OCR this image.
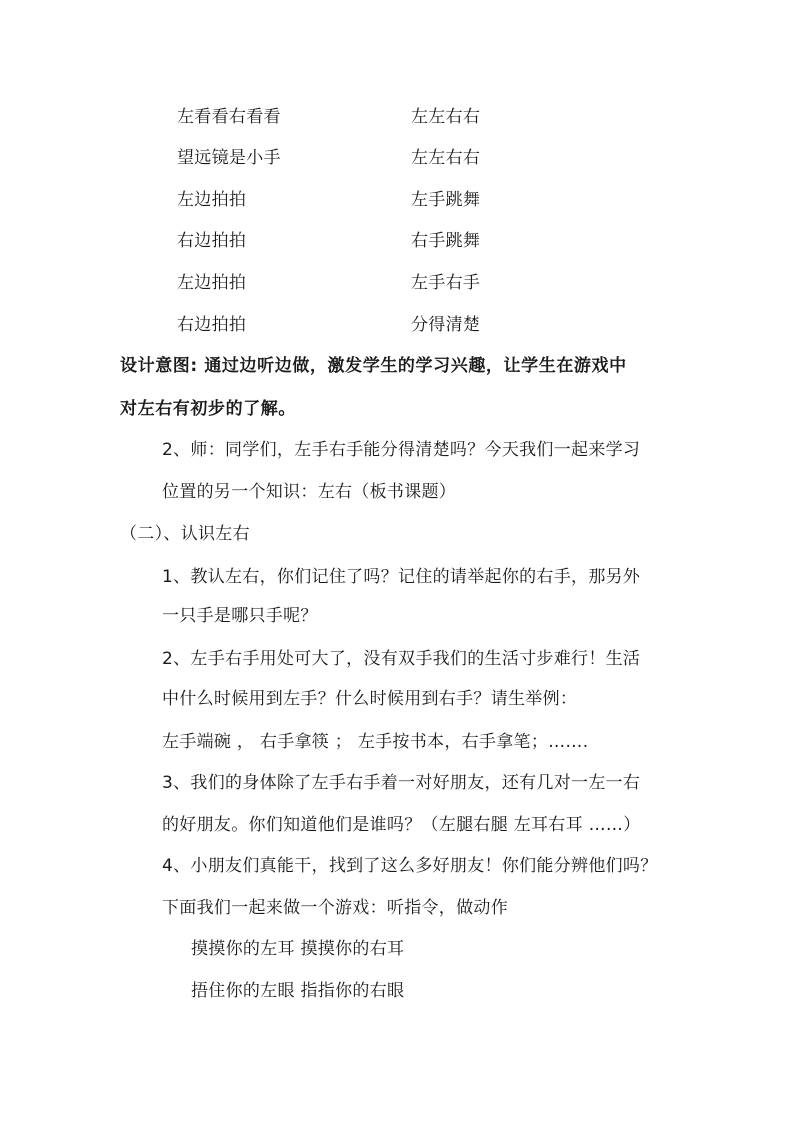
左看看右看看	左左右右
望远镜是小手	左左右右
左边拍拍	左手跳舞
右边拍拍	右手跳舞
左边拍拍	左手右手
右边拍拍	分得清楚
设计意图: 通过边听边做，激发学生的学习兴趣，让学生在游戏中
对左右有初步的了解。
2、师：同学们，左手右手能分得清楚吗？今天我们一起来学习
位置的另一个知识：左右（板书课题）
（二）、认识左右
1、教认左右，你们记住了吗？记住的请举起你的右手，那另外
一只手是哪只手呢？
2、左手右手用处可大了，没有双手我们的生活寸步难行！生活
中什么时候用到左手？什么时候用到右手？请生举例：
左手端碗 ， 右手拿筷 ； 左手按书本，右手拿笔；…….
3、我们的身体除了左手右手着一对好朋友，还有几对一左一右
的好朋友。你们知道他们是谁吗？（左腿右腿 左耳右耳 ……）
4、小朋友们真能干，找到了这么多好朋友！你们能分辨他们吗？
下面我们一起来做一个游戏：听指令，做动作
摸摸你的左耳 摸摸你的右耳
捂住你的左眼 指指你的右眼
